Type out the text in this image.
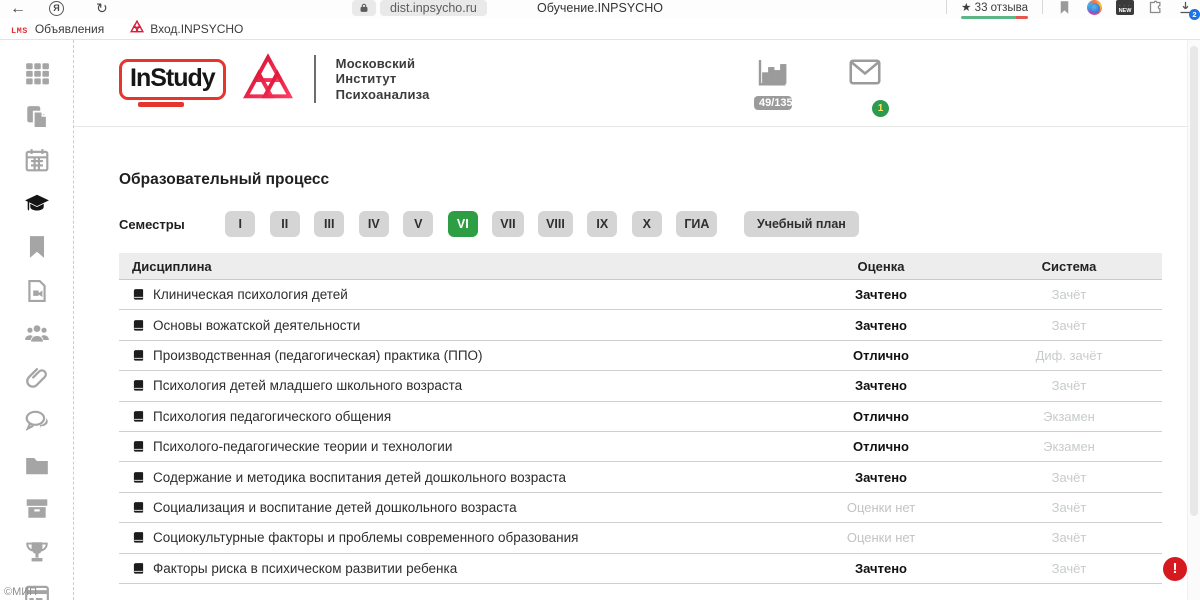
←	Я	↻	Обучение.INPSYCHO
dist.inpsycho.ru	★ 33 отзыва	· · ·
NEW	2
LMS Объявления	Вход.INPSYCHO
©МИП
InStudy	Московский
Институт
Психоанализа
49/135	1
Образовательный процесс
Семестры	I	II	III	IV	V	VI	VII	VIII	IX	X	ГИА	Учебный план
Дисциплина	Оценка	Система
Клиническая психология детей	Зачтено	Зачёт
Основы вожатской деятельности	Зачтено	Зачёт
Производственная (педагогическая) практика (ППО)	Отлично	Диф. зачёт
Психология детей младшего школьного возраста	Зачтено	Зачёт
Психология педагогического общения	Отлично	Экзамен
Психолого-педагогические теории и технологии	Отлично	Экзамен
Содержание и методика воспитания детей дошкольного возраста	Зачтено	Зачёт
Социализация и воспитание детей дошкольного возраста	Оценки нет	Зачёт
Социокультурные факторы и проблемы современного образования	Оценки нет	Зачёт
Факторы риска в психическом развитии ребенка	Зачтено	Зачёт	!
